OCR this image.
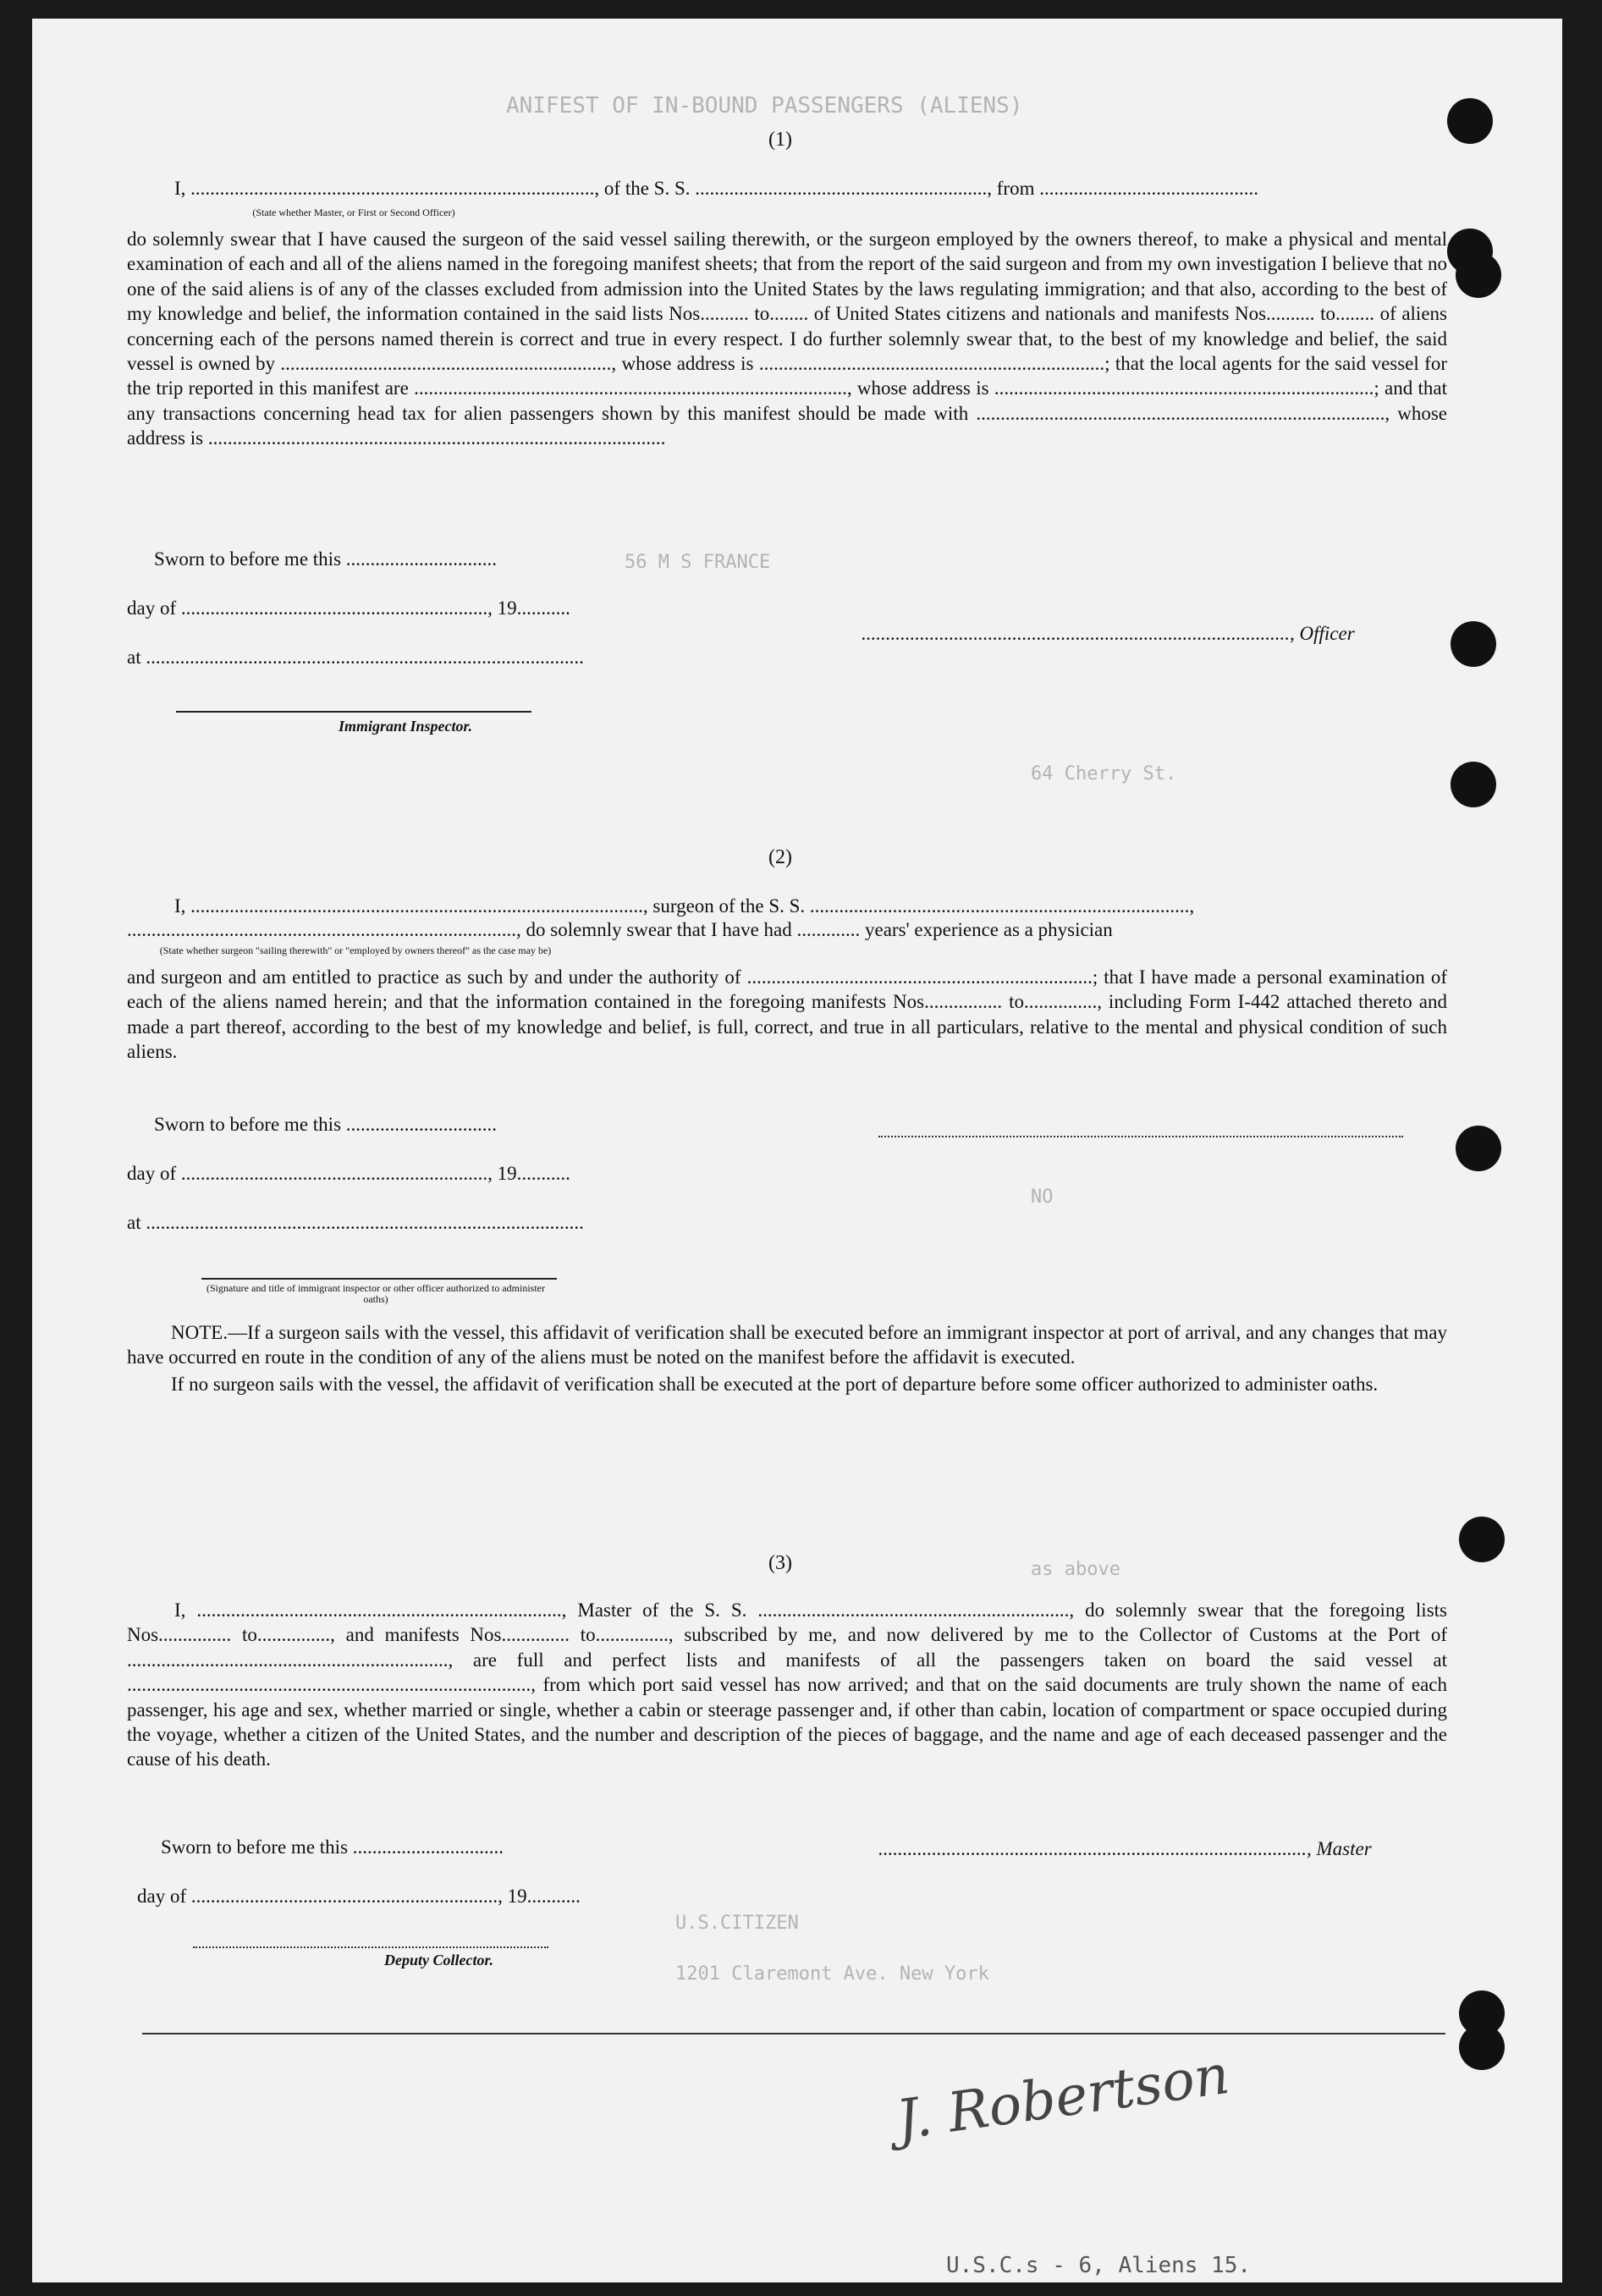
ANIFEST OF IN-BOUND PASSENGERS (ALIENS)
56 M S FRANCE
64 Cherry St.
NO
as above
U.S.CITIZEN
1201 Claremont Ave. New York
(1)
I, ..................................................................................., of the S. S. ............................................................, from .............................................
(State whether Master, or First or Second Officer)

do solemnly swear that I have caused the surgeon of the said vessel sailing therewith, or the surgeon employed by the owners thereof, to make a physical and mental examination of each and all of the aliens named in the foregoing manifest sheets; that from the report of the said surgeon and from my own investigation I believe that no one of the said aliens is of any of the classes excluded from admission into the United States by the laws regulating immigration; and that also, according to the best of my knowledge and belief, the information contained in the said lists Nos.......... to........ of United States citizens and nationals and manifests Nos.......... to........ of aliens concerning each of the persons named therein is correct and true in every respect. I do further solemnly swear that, to the best of my knowledge and belief, the said vessel is owned by ...................................................................., whose address is .......................................................................; that the local agents for the said vessel for the trip reported in this manifest are ........................................................................................., whose address is ..............................................................................; and that any transactions concerning head tax for alien passengers shown by this manifest should be made with ...................................................................................., whose address is ..............................................................................................

Sworn to before me this ...............................
day of ..............................................................., 19...........
........................................................................................, Officer
at ..........................................................................................
Immigrant Inspector.
(2)
I, ............................................................................................., surgeon of the S. S. ..............................................................................,
................................................................................, do solemnly swear that I have had ............. years' experience as a physician
(State whether surgeon "sailing therewith" or "employed by owners thereof" as the case may be)

and surgeon and am entitled to practice as such by and under the authority of .......................................................................; that I have made a personal examination of each of the aliens named herein; and that the information contained in the foregoing manifests Nos................ to..............., including Form I-442 attached thereto and made a part thereof, according to the best of my knowledge and belief, is full, correct, and true in all particulars, relative to the mental and physical condition of such aliens.

Sworn to before me this ...............................
day of ..............................................................., 19...........
at ..........................................................................................
(Signature and title of immigrant inspector or other officer authorized to administer oaths)

NOTE.—If a surgeon sails with the vessel, this affidavit of verification shall be executed before an immigrant inspector at port of arrival, and any changes that may have occurred en route in the condition of any of the aliens must be noted on the manifest before the affidavit is executed.

If no surgeon sails with the vessel, the affidavit of verification shall be executed at the port of departure before some officer authorized to administer oaths.

(3)

I, ..........................................................................., Master of the S. S. ................................................................, do solemnly swear that the foregoing lists Nos............... to..............., and manifests Nos.............. to..............., subscribed by me, and now delivered by me to the Collector of Customs at the Port of .................................................................., are full and perfect lists and manifests of all the passengers taken on board the said vessel at ..................................................................................., from which port said vessel has now arrived; and that on the said documents are truly shown the name of each passenger, his age and sex, whether married or single, whether a cabin or steerage passenger and, if other than cabin, location of compartment or space occupied during the voyage, whether a citizen of the United States, and the number and description of the pieces of baggage, and the name and age of each deceased passenger and the cause of his death.

Sworn to before me this ...............................	........................................................................................, Master
day of ..............................................................., 19...........
Deputy Collector.
J. Robertson
U.S.C.s - 6, Aliens 15.
